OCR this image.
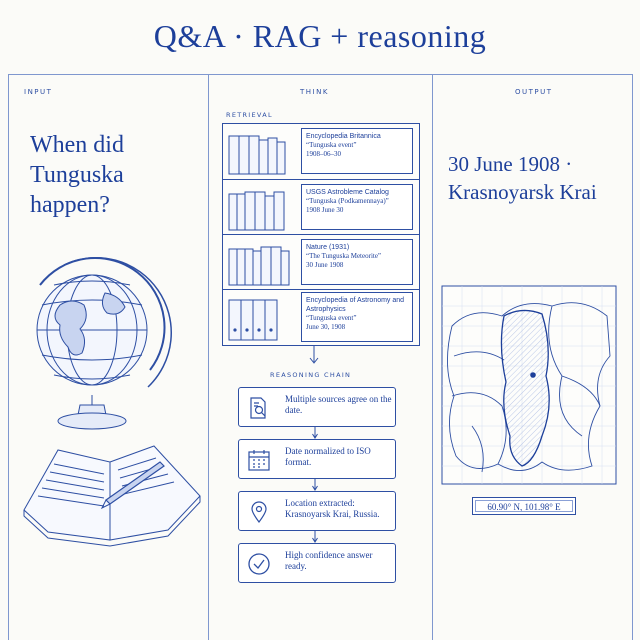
Q&A · RAG + reasoning
INPUT	THINK	OUTPUT
When did Tunguska happen?
RETRIEVAL
Encyclopedia Britannica
“Tunguska event”
1908–06–30
USGS Astrobleme Catalog
“Tunguska (Podkamennaya)”
1908 June 30
Nature (1931)
“The Tunguska Meteorite”
30 June 1908
Encyclopedia of Astronomy and Astrophysics
“Tunguska event”
June 30, 1908
REASONING CHAIN
Multiple sources agree on the date.
Date normalized to ISO format.
Location extracted: Krasnoyarsk Krai, Russia.
High confidence answer ready.
30 June 1908 · Krasnoyarsk Krai
60.90° N, 101.98° E
